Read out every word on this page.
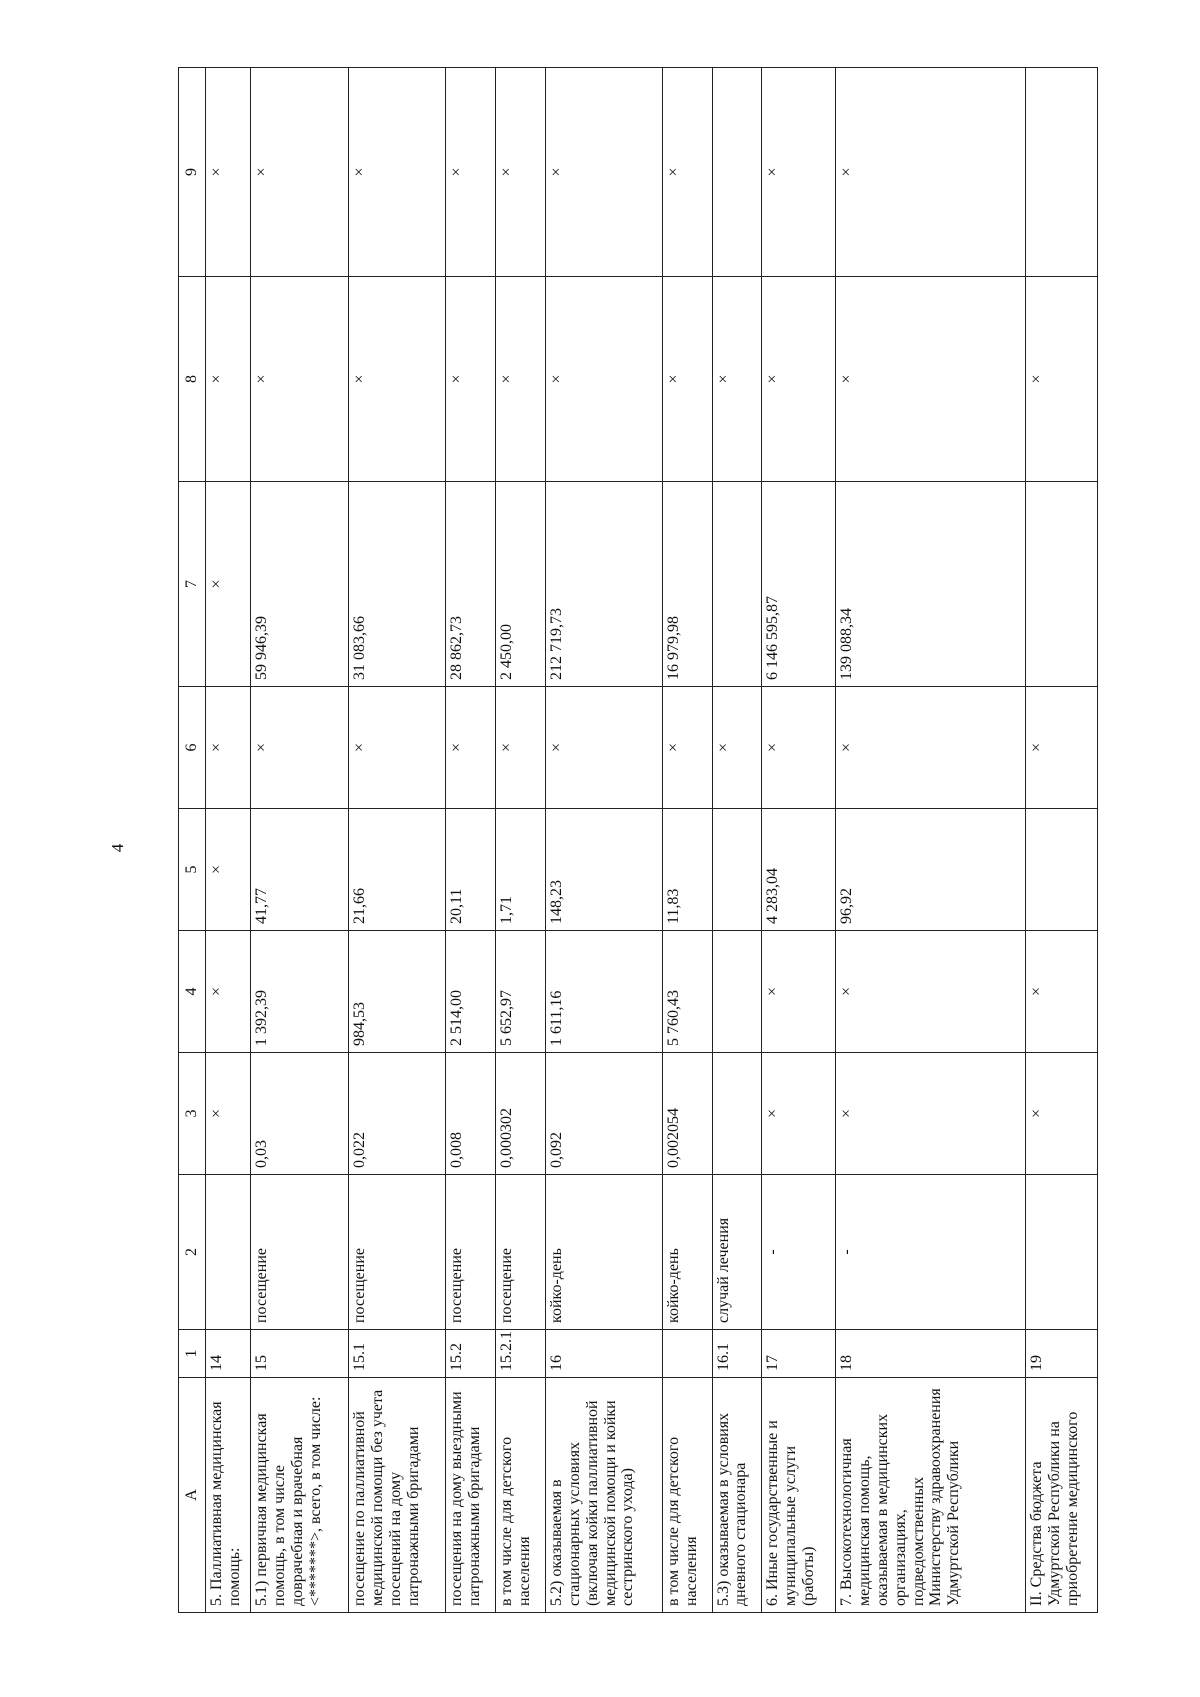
4
А	1	2	3	4	5	6	7	8	9
5. Паллиативная медицинская помощь:	14		×	×	×	×	×	×	×
5.1) первичная медицинская помощь, в том числе доврачебная и врачебная <*******>, всего, в том числе:	15	посещение	0,03	1 392,39	41,77	×	59 946,39	×	×
посещение по паллиативной медицинской помощи без учета посещений на дому патронажными бригадами	15.1	посещение	0,022	984,53	21,66	×	31 083,66	×	×
посещения на дому выездными патронажными бригадами	15.2	посещение	0,008	2 514,00	20,11	×	28 862,73	×	×
в том числе для детского населения	15.2.1	посещение	0,000302	5 652,97	1,71	×	2 450,00	×	×
5.2) оказываемая в стационарных условиях (включая койки паллиативной медицинской помощи и койки сестринского ухода)	16	койко-день	0,092	1 611,16	148,23	×	212 719,73	×	×
в том числе для детского населения		койко-день	0,002054	5 760,43	11,83	×	16 979,98	×	×
5.3) оказываемая в условиях дневного стационара	16.1	случай лечения				×		×	
6. Иные государственные и муниципальные услуги (работы)	17	-	×	×	4 283,04	×	6 146 595,87	×	×
7. Высокотехнологичная медицинская помощь, оказываемая в медицинских организациях, подведомственных Министерству здравоохранения Удмуртской Республики	18	-	×	×	96,92	×	139 088,34	×	×
II. Средства бюджета Удмуртской Республики на приобретение медицинского	19		×	×		×		×	
